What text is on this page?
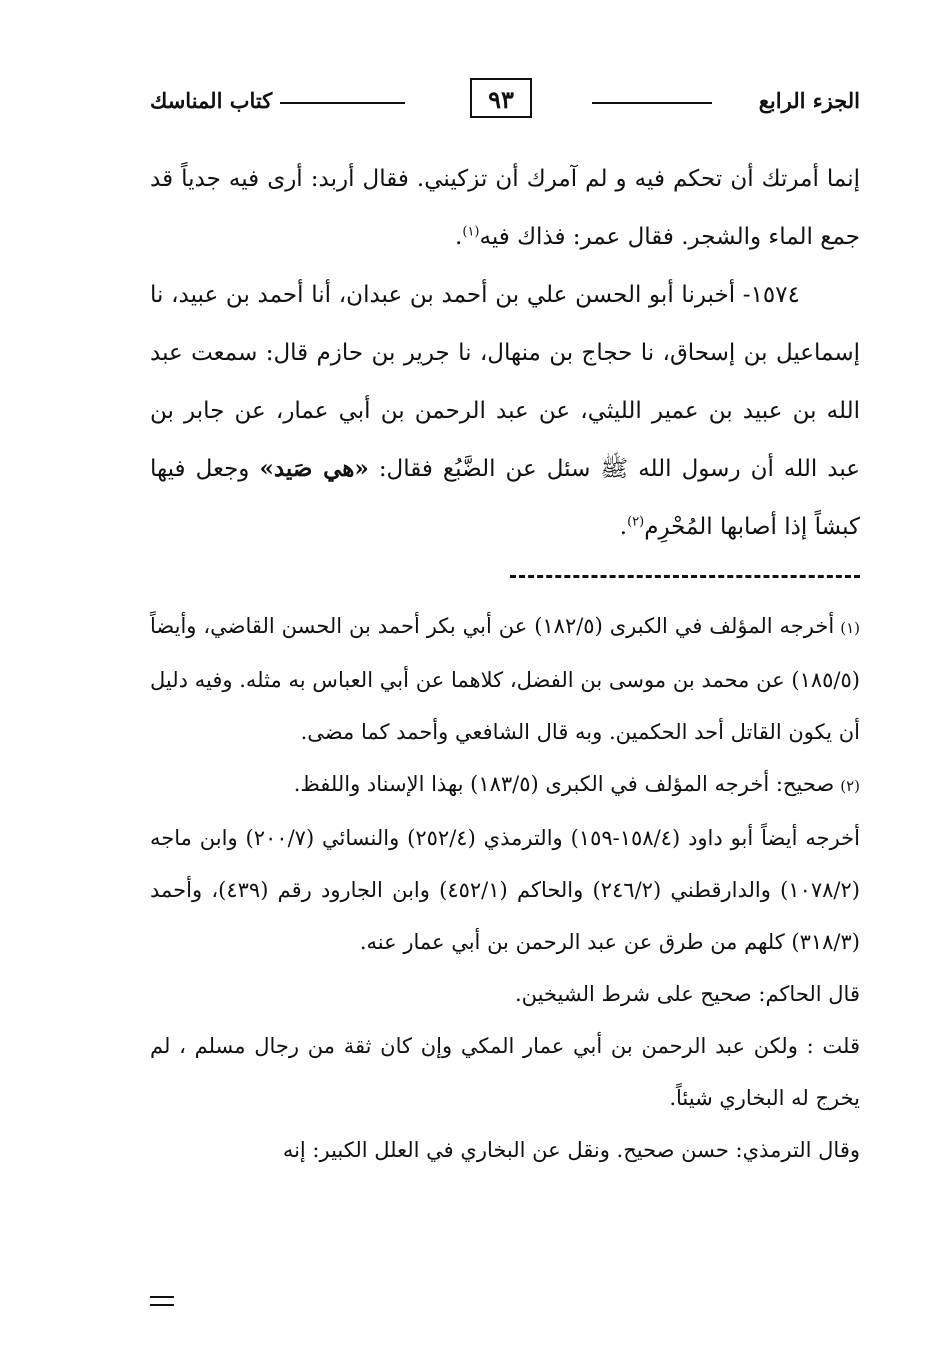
الجزء الرابع
٩٣
كتاب المناسك

إنما أمرتك أن تحكم فيه و لم آمرك أن تزكيني. فقال أربد: أرى فيه جدياً قد جمع الماء والشجر. فقال عمر: فذاك فيه$^{(١)}$.

١٥٧٤- أخبرنا أبو الحسن علي بن أحمد بن عبدان، أنا أحمد بن عبيد، نا إسماعيل بن إسحاق، نا حجاج بن منهال، نا جرير بن حازم قال: سمعت عبد الله بن عبيد بن عمير الليثي، عن عبد الرحمن بن أبي عمار، عن جابر بن عبد الله أن رسول الله ﷺ سئل عن الضَّبُع فقال: «هي صَيد» وجعل فيها كبشاً إذا أصابها المُحْرِم$^{(٢)}$.

(١)أخرجه المؤلف في الكبرى (١٨٢/٥) عن أبي بكر أحمد بن الحسن القاضي، وأيضاً (١٨٥/٥) عن محمد بن موسى بن الفضل، كلاهما عن أبي العباس به مثله. وفيه دليل أن يكون القاتل أحد الحكمين. وبه قال الشافعي وأحمد كما مضى.

(٢)صحيح: أخرجه المؤلف في الكبرى (١٨٣/٥) بهذا الإسناد واللفظ.

أخرجه أيضاً أبو داود (١٥٨/٤-١٥٩) والترمذي (٢٥٢/٤) والنسائي (٢٠٠/٧) وابن ماجه (١٠٧٨/٢) والدارقطني (٢٤٦/٢) والحاكم (٤٥٢/١) وابن الجارود رقم (٤٣٩)، وأحمد (٣١٨/٣) كلهم من طرق عن عبد الرحمن بن أبي عمار عنه.

قال الحاكم: صحيح على شرط الشيخين.

قلت : ولكن عبد الرحمن بن أبي عمار المكي وإن كان ثقة من رجال مسلم ، لم يخرج له البخاري شيئاً.

وقال الترمذي: حسن صحيح. ونقل عن البخاري في العلل الكبير: إنه
